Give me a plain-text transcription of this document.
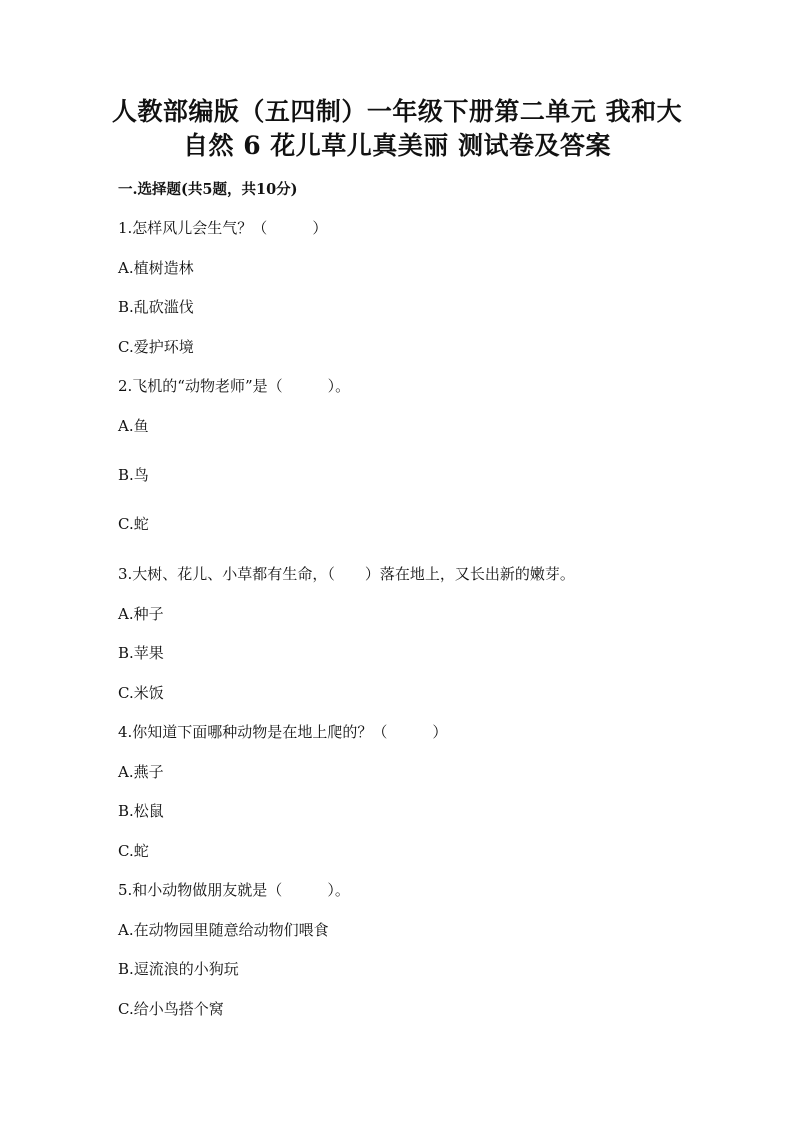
人教部编版（五四制）一年级下册第二单元 我和大
自然 6 花儿草儿真美丽 测试卷及答案
一.选择题(共5题，共10分)
1.怎样风儿会生气？（　　　）
A.植树造林
B.乱砍滥伐
C.爱护环境
2.飞机的“动物老师”是（　　　）。
A.鱼
B.鸟
C.蛇
3.大树、花儿、小草都有生命，（　　）落在地上，又长出新的嫩芽。
A.种子
B.苹果
C.米饭
4.你知道下面哪种动物是在地上爬的？（　　　）
A.燕子
B.松鼠
C.蛇
5.和小动物做朋友就是（　　　）。
A.在动物园里随意给动物们喂食
B.逗流浪的小狗玩
C.给小鸟搭个窝
